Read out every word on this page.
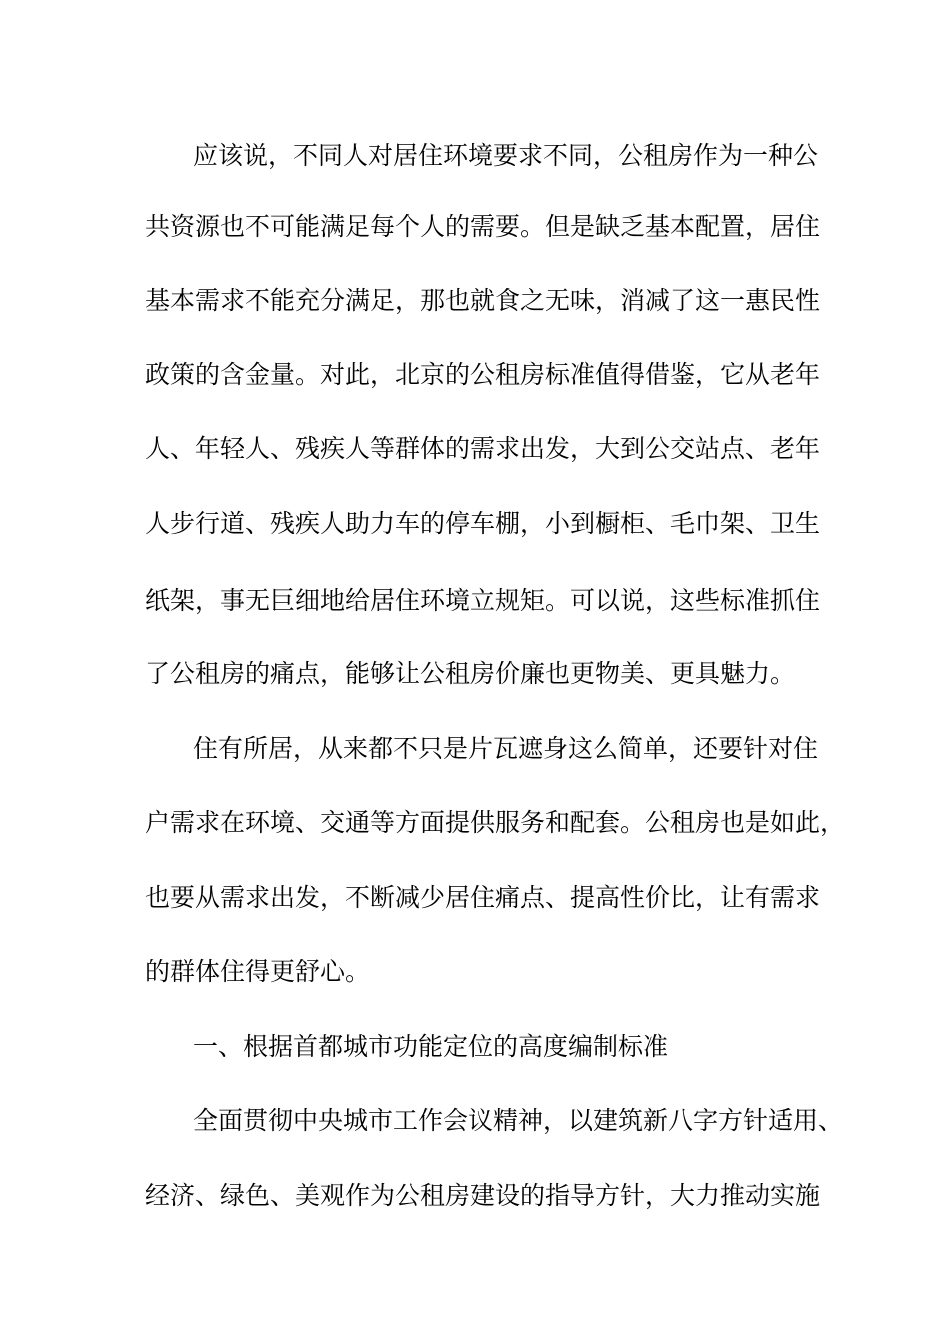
应该说，不同人对居住环境要求不同，公租房作为一种公
共资源也不可能满足每个人的需要。但是缺乏基本配置，居住
基本需求不能充分满足，那也就食之无味，消减了这一惠民性
政策的含金量。对此，北京的公租房标准值得借鉴，它从老年
人、年轻人、残疾人等群体的需求出发，大到公交站点、老年
人步行道、残疾人助力车的停车棚，小到橱柜、毛巾架、卫生
纸架，事无巨细地给居住环境立规矩。可以说，这些标准抓住
了公租房的痛点，能够让公租房价廉也更物美、更具魅力。
住有所居，从来都不只是片瓦遮身这么简单，还要针对住
户需求在环境、交通等方面提供服务和配套。公租房也是如此，
也要从需求出发，不断减少居住痛点、提高性价比，让有需求
的群体住得更舒心。
一、根据首都城市功能定位的高度编制标准
全面贯彻中央城市工作会议精神，以建筑新八字方针适用、
经济、绿色、美观作为公租房建设的指导方针，大力推动实施
